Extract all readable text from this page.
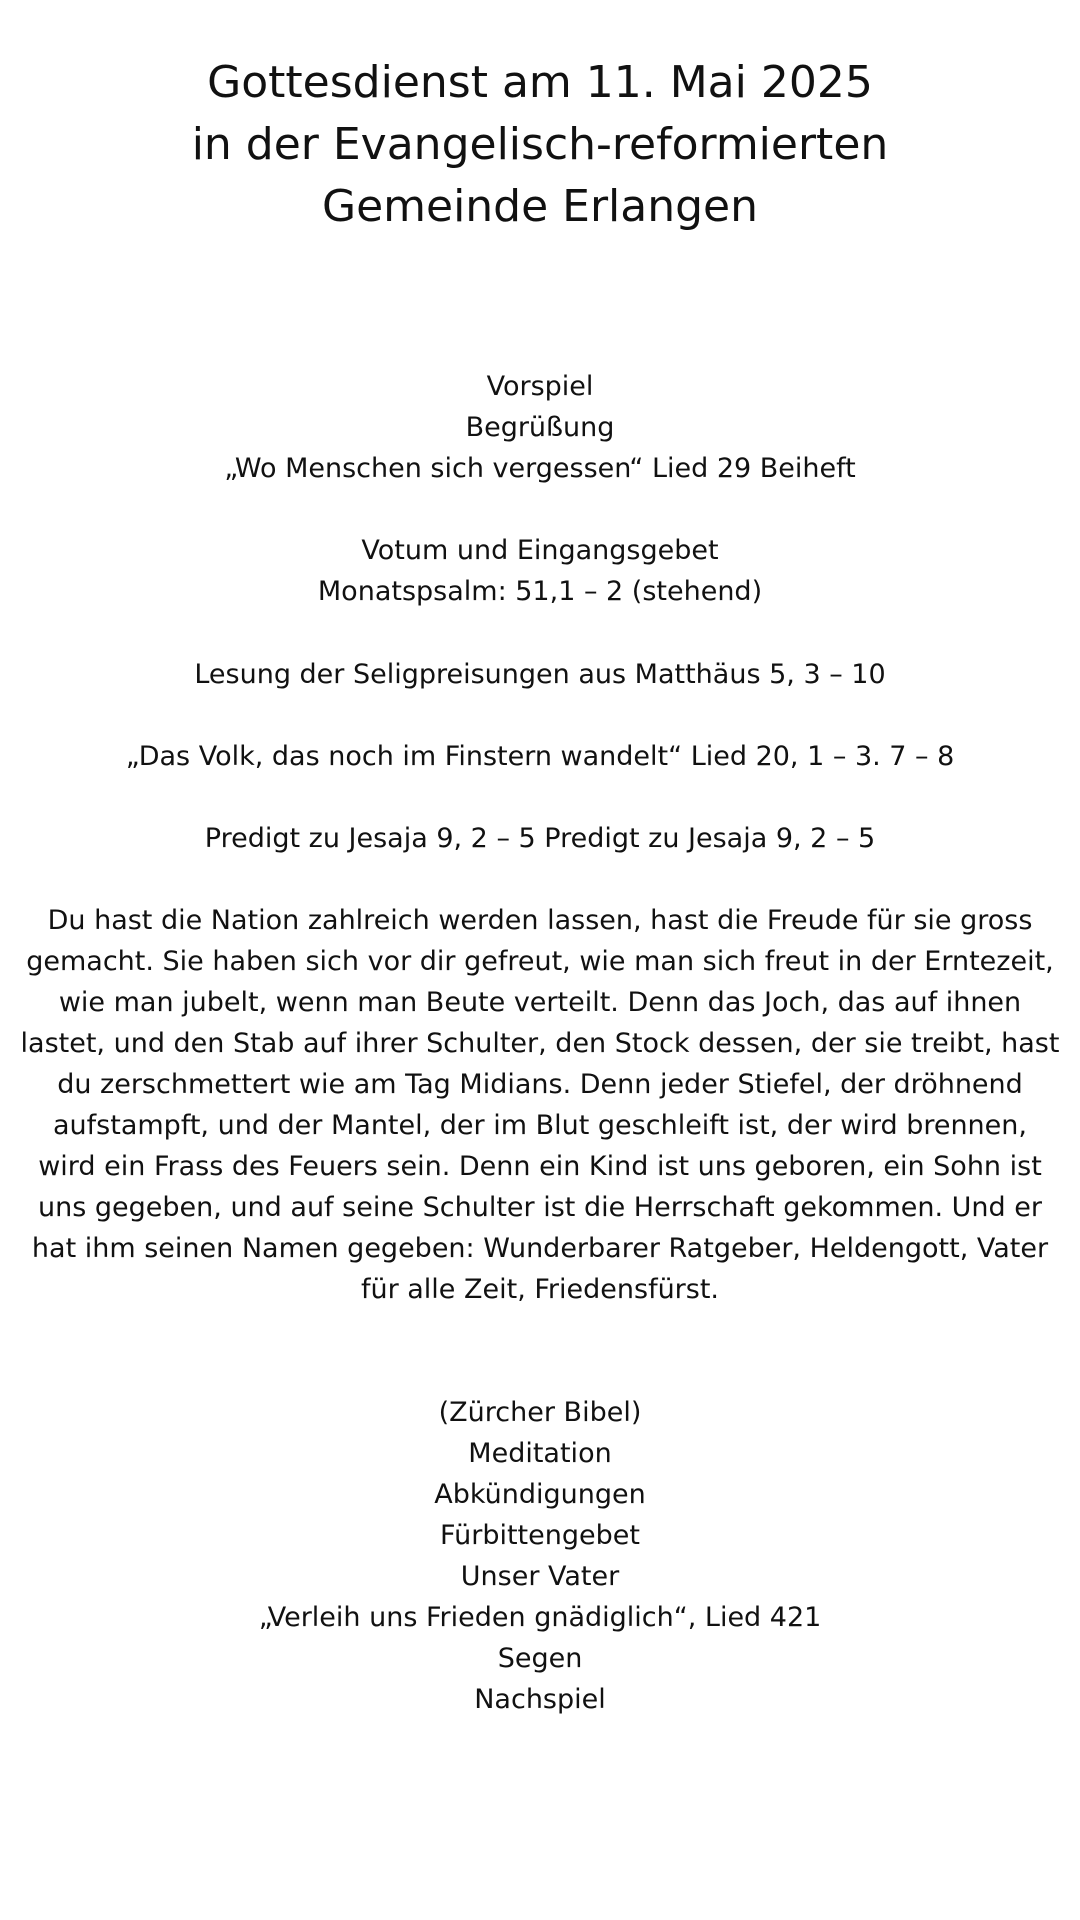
Gottesdienst am 11. Mai 2025
in der Evangelisch-reformierten
Gemeinde Erlangen
Vorspiel
Begrüßung
„Wo Menschen sich vergessen“ Lied 29 Beiheft
Votum und Eingangsgebet
Monatspsalm: 51,1 – 2 (stehend)
Lesung der Seligpreisungen aus Matthäus 5, 3 – 10
„Das Volk, das noch im Finstern wandelt“ Lied 20, 1 – 3. 7 – 8
Predigt zu Jesaja 9, 2 – 5 Predigt zu Jesaja 9, 2 – 5
Du hast die Nation zahlreich werden lassen, hast die Freude für sie gross
gemacht. Sie haben sich vor dir gefreut, wie man sich freut in der Erntezeit,
wie man jubelt, wenn man Beute verteilt. Denn das Joch, das auf ihnen
lastet, und den Stab auf ihrer Schulter, den Stock dessen, der sie treibt, hast
du zerschmettert wie am Tag Midians. Denn jeder Stiefel, der dröhnend
aufstampft, und der Mantel, der im Blut geschleift ist, der wird brennen,
wird ein Frass des Feuers sein. Denn ein Kind ist uns geboren, ein Sohn ist
uns gegeben, und auf seine Schulter ist die Herrschaft gekommen. Und er
hat ihm seinen Namen gegeben: Wunderbarer Ratgeber, Heldengott, Vater
für alle Zeit, Friedensfürst.
(Zürcher Bibel)
Meditation
Abkündigungen
Fürbittengebet
Unser Vater
„Verleih uns Frieden gnädiglich“, Lied 421
Segen
Nachspiel
